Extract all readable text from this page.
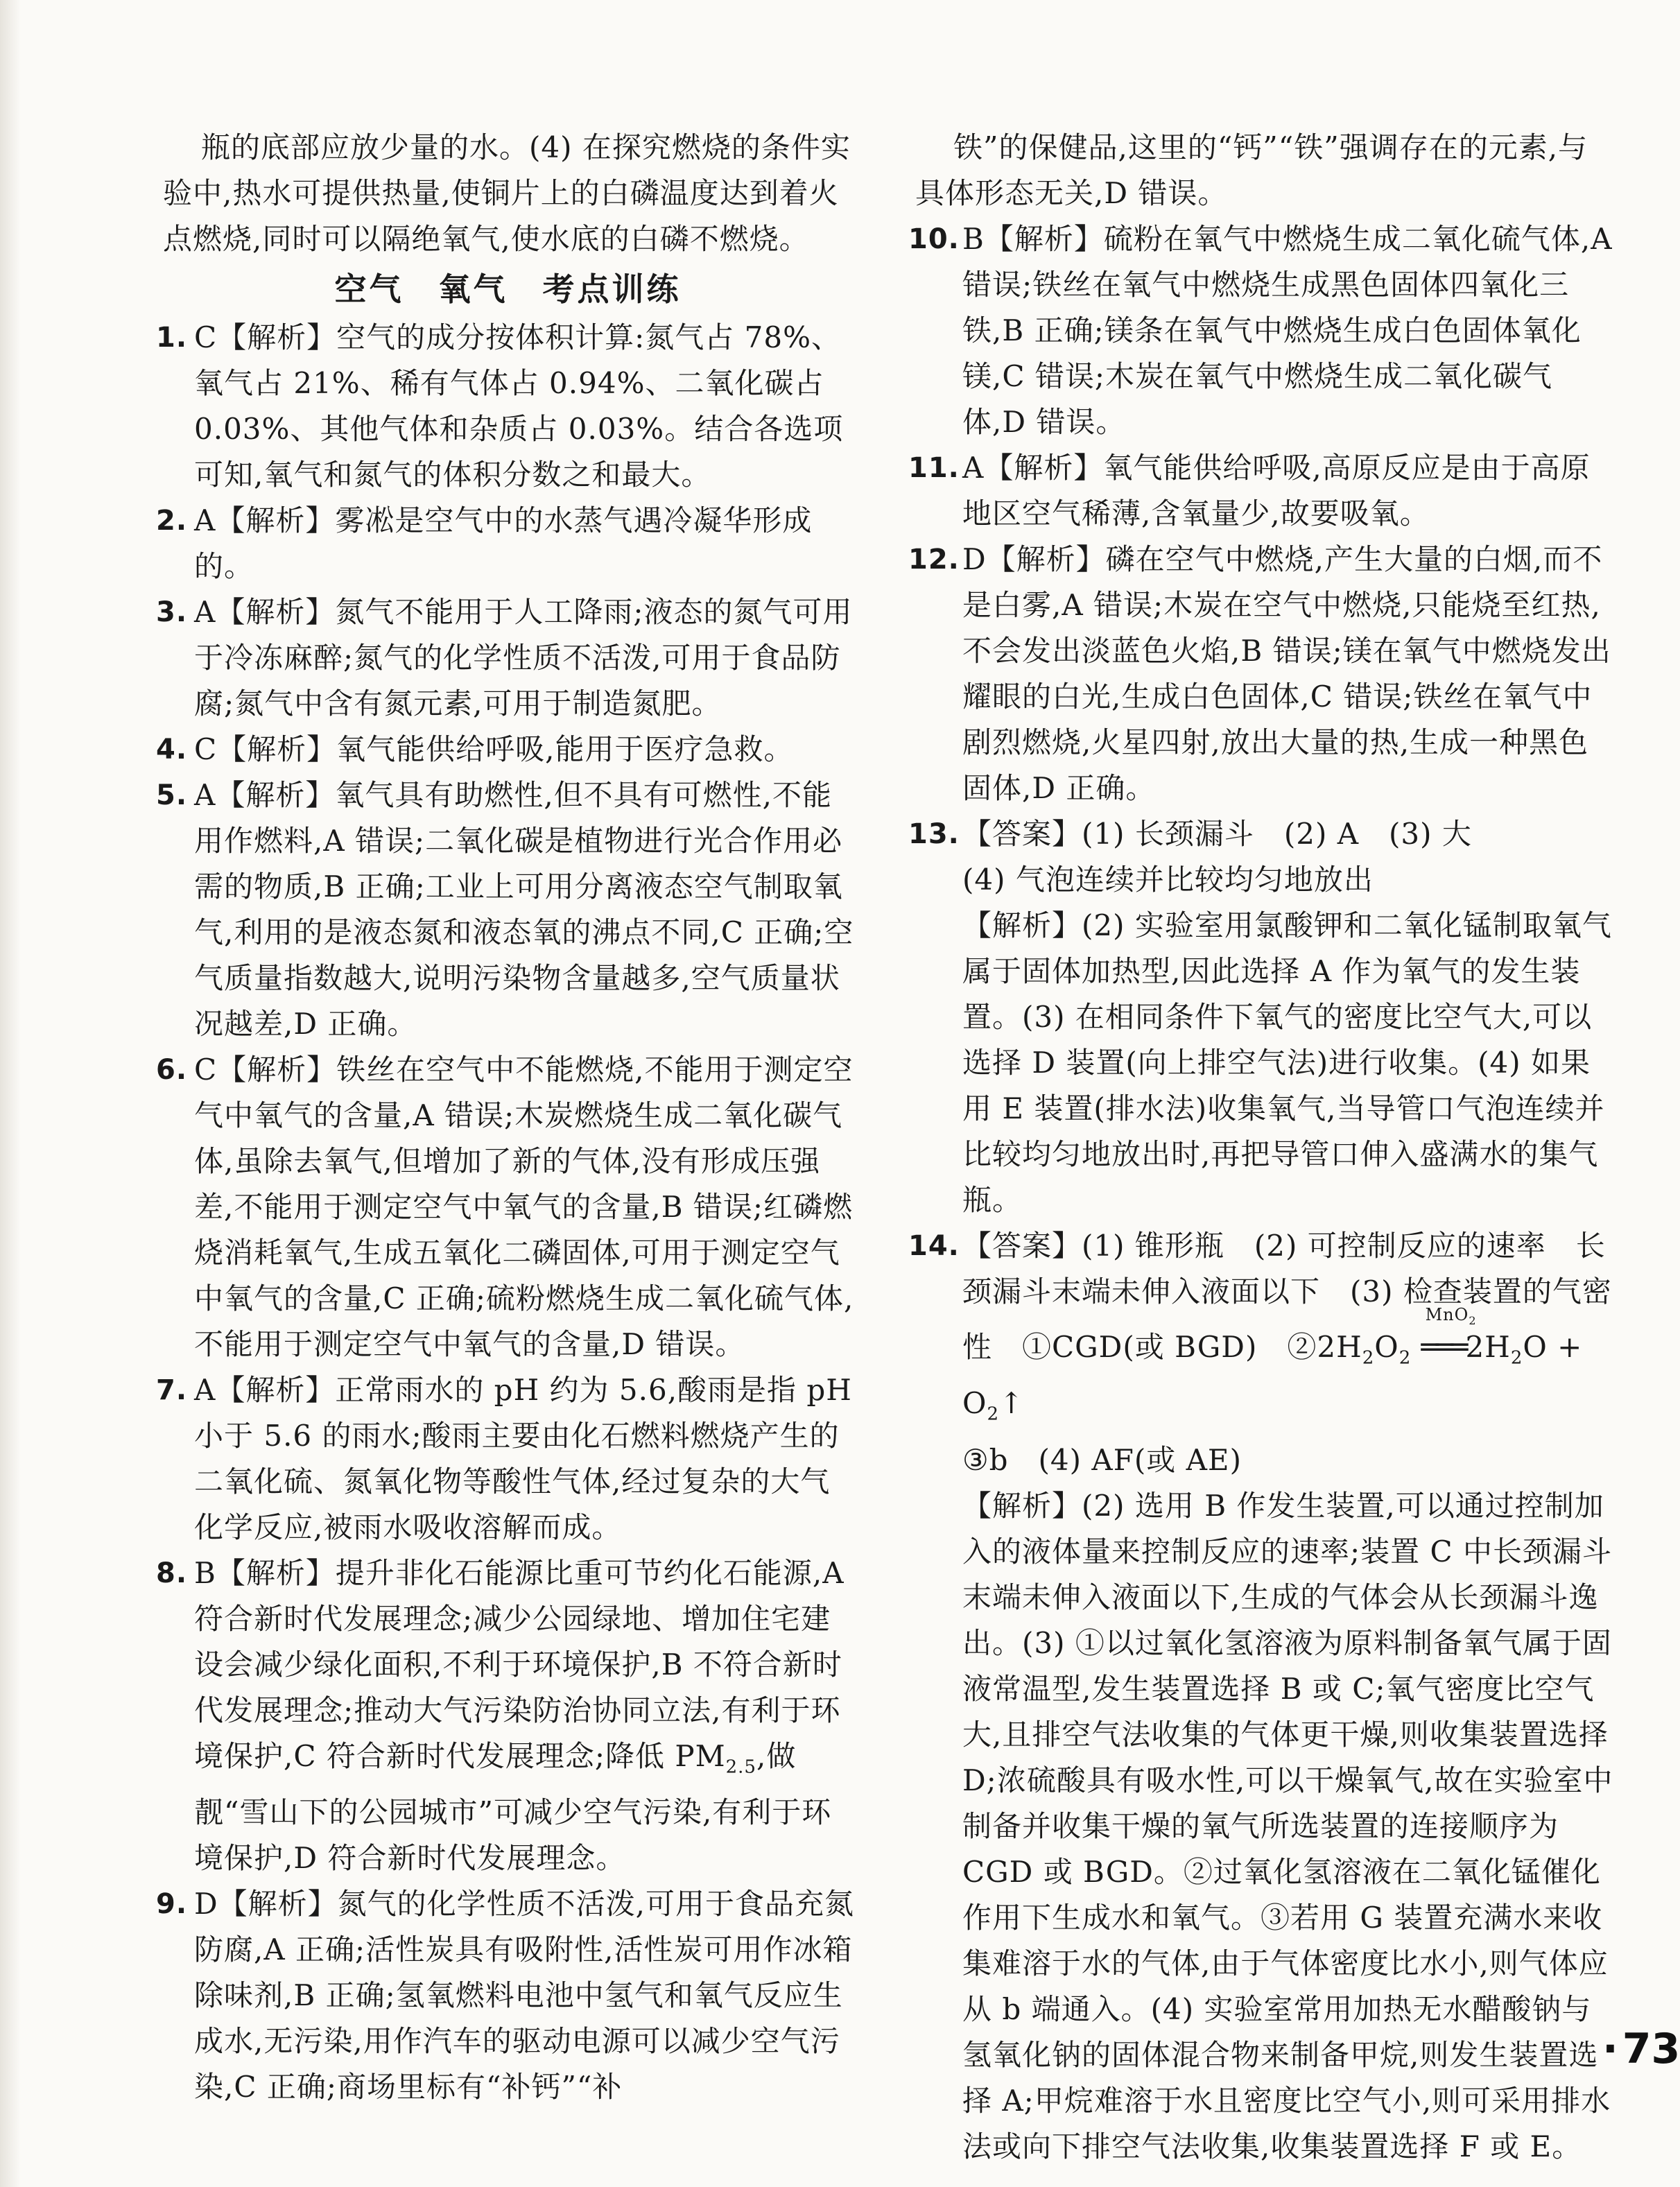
瓶的底部应放少量的水。(4) 在探究燃烧的条件实验中,热水可提供热量,使铜片上的白磷温度达到着火点燃烧,同时可以隔绝氧气,使水底的白磷不燃烧。

空气　氧气　考点训练
1. C【解析】空气的成分按体积计算:氮气占 78%、氧气占 21%、稀有气体占 0.94%、二氧化碳占 0.03%、其他气体和杂质占 0.03%。结合各选项可知,氧气和氮气的体积分数之和最大。
2. A【解析】雾凇是空气中的水蒸气遇冷凝华形成的。
3. A【解析】氮气不能用于人工降雨;液态的氮气可用于冷冻麻醉;氮气的化学性质不活泼,可用于食品防腐;氮气中含有氮元素,可用于制造氮肥。
4. C【解析】氧气能供给呼吸,能用于医疗急救。
5. A【解析】氧气具有助燃性,但不具有可燃性,不能用作燃料,A 错误;二氧化碳是植物进行光合作用必需的物质,B 正确;工业上可用分离液态空气制取氧气,利用的是液态氮和液态氧的沸点不同,C 正确;空气质量指数越大,说明污染物含量越多,空气质量状况越差,D 正确。
6. C【解析】铁丝在空气中不能燃烧,不能用于测定空气中氧气的含量,A 错误;木炭燃烧生成二氧化碳气体,虽除去氧气,但增加了新的气体,没有形成压强差,不能用于测定空气中氧气的含量,B 错误;红磷燃烧消耗氧气,生成五氧化二磷固体,可用于测定空气中氧气的含量,C 正确;硫粉燃烧生成二氧化硫气体,不能用于测定空气中氧气的含量,D 错误。
7. A【解析】正常雨水的 pH 约为 5.6,酸雨是指 pH 小于 5.6 的雨水;酸雨主要由化石燃料燃烧产生的二氧化硫、氮氧化物等酸性气体,经过复杂的大气化学反应,被雨水吸收溶解而成。
8. B【解析】提升非化石能源比重可节约化石能源,A 符合新时代发展理念;减少公园绿地、增加住宅建设会减少绿化面积,不利于环境保护,B 不符合新时代发展理念;推动大气污染防治协同立法,有利于环境保护,C 符合新时代发展理念;降低 $PM_{2.5}$,做靓“雪山下的公园城市”可减少空气污染,有利于环境保护,D 符合新时代发展理念。
9. D【解析】氮气的化学性质不活泼,可用于食品充氮防腐,A 正确;活性炭具有吸附性,活性炭可用作冰箱除味剂,B 正确;氢氧燃料电池中氢气和氧气反应生成水,无污染,用作汽车的驱动电源可以减少空气污染,C 正确;商场里标有“补钙”“补

铁”的保健品,这里的“钙”“铁”强调存在的元素,与具体形态无关,D 错误。

10. B【解析】硫粉在氧气中燃烧生成二氧化硫气体,A 错误;铁丝在氧气中燃烧生成黑色固体四氧化三铁,B 正确;镁条在氧气中燃烧生成白色固体氧化镁,C 错误;木炭在氧气中燃烧生成二氧化碳气体,D 错误。
11. A【解析】氧气能供给呼吸,高原反应是由于高原地区空气稀薄,含氧量少,故要吸氧。
12. D【解析】磷在空气中燃烧,产生大量的白烟,而不是白雾,A 错误;木炭在空气中燃烧,只能烧至红热,不会发出淡蓝色火焰,B 错误;镁在氧气中燃烧发出耀眼的白光,生成白色固体,C 错误;铁丝在氧气中剧烈燃烧,火星四射,放出大量的热,生成一种黑色固体,D 正确。
13. 【答案】(1) 长颈漏斗　(2) A　(3) 大
(4) 气泡连续并比较均匀地放出
【解析】(2) 实验室用氯酸钾和二氧化锰制取氧气属于固体加热型,因此选择 A 作为氧气的发生装置。(3) 在相同条件下氧气的密度比空气大,可以选择 D 装置(向上排空气法)进行收集。(4) 如果用 E 装置(排水法)收集氧气,当导管口气泡连续并比较均匀地放出时,再把导管口伸入盛满水的集气瓶。
14. 【答案】(1) 锥形瓶　(2) 可控制反应的速率　长颈漏斗末端未伸入液面以下　(3) 检查装置的气密
性　①CGD(或 BGD)　$②2H_2O_2$
MnO$_2$
$═══2H_2O$ + $O_2↑$
③b　(4) AF(或 AE)
【解析】(2) 选用 B 作发生装置,可以通过控制加入的液体量来控制反应的速率;装置 C 中长颈漏斗末端未伸入液面以下,生成的气体会从长颈漏斗逸出。(3) ①以过氧化氢溶液为原料制备氧气属于固液常温型,发生装置选择 B 或 C;氧气密度比空气大,且排空气法收集的气体更干燥,则收集装置选择 D;浓硫酸具有吸水性,可以干燥氧气,故在实验室中制备并收集干燥的氧气所选装置的连接顺序为 CGD 或 BGD。②过氧化氢溶液在二氧化锰催化作用下生成水和氧气。③若用 G 装置充满水来收集难溶于水的气体,由于气体密度比水小,则气体应从 b 端通入。(4) 实验室常用加热无水醋酸钠与氢氧化钠的固体混合物来制备甲烷,则发生装置选择 A;甲烷难溶于水且密度比空气小,则可采用排水法或向下排空气法收集,收集装置选择 F 或 E。
· 73
